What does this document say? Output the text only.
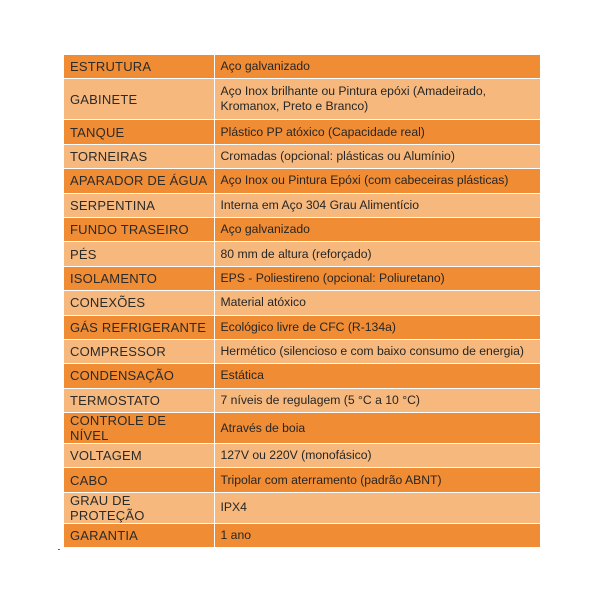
ESTRUTURA	Aço galvanizado
GABINETE	Aço Inox brilhante ou Pintura epóxi (Amadeirado,
Kromanox, Preto e Branco)

TANQUE	Plástico PP atóxico (Capacidade real)
TORNEIRAS	Cromadas (opcional: plásticas ou Alumínio)
APARADOR DE ÁGUA	Aço Inox ou Pintura Epóxi (com cabeceiras plásticas)
SERPENTINA	Interna em Aço 304 Grau Alimentício
FUNDO TRASEIRO	Aço galvanizado
PÉS	80 mm de altura (reforçado)
ISOLAMENTO	EPS - Poliestireno (opcional: Poliuretano)
CONEXÕES	Material atóxico
GÁS REFRIGERANTE	Ecológico livre de CFC (R-134a)
COMPRESSOR	Hermético (silencioso e com baixo consumo de energia)
CONDENSAÇÃO	Estática
TERMOSTATO	7 níveis de regulagem (5 °C a 10 °C)
CONTROLE DE NÍVEL	Através de boia
VOLTAGEM	127V ou 220V (monofásico)
CABO	Tripolar com aterramento (padrão ABNT)
GRAU DE PROTEÇÃO	IPX4
GARANTIA	1 ano
